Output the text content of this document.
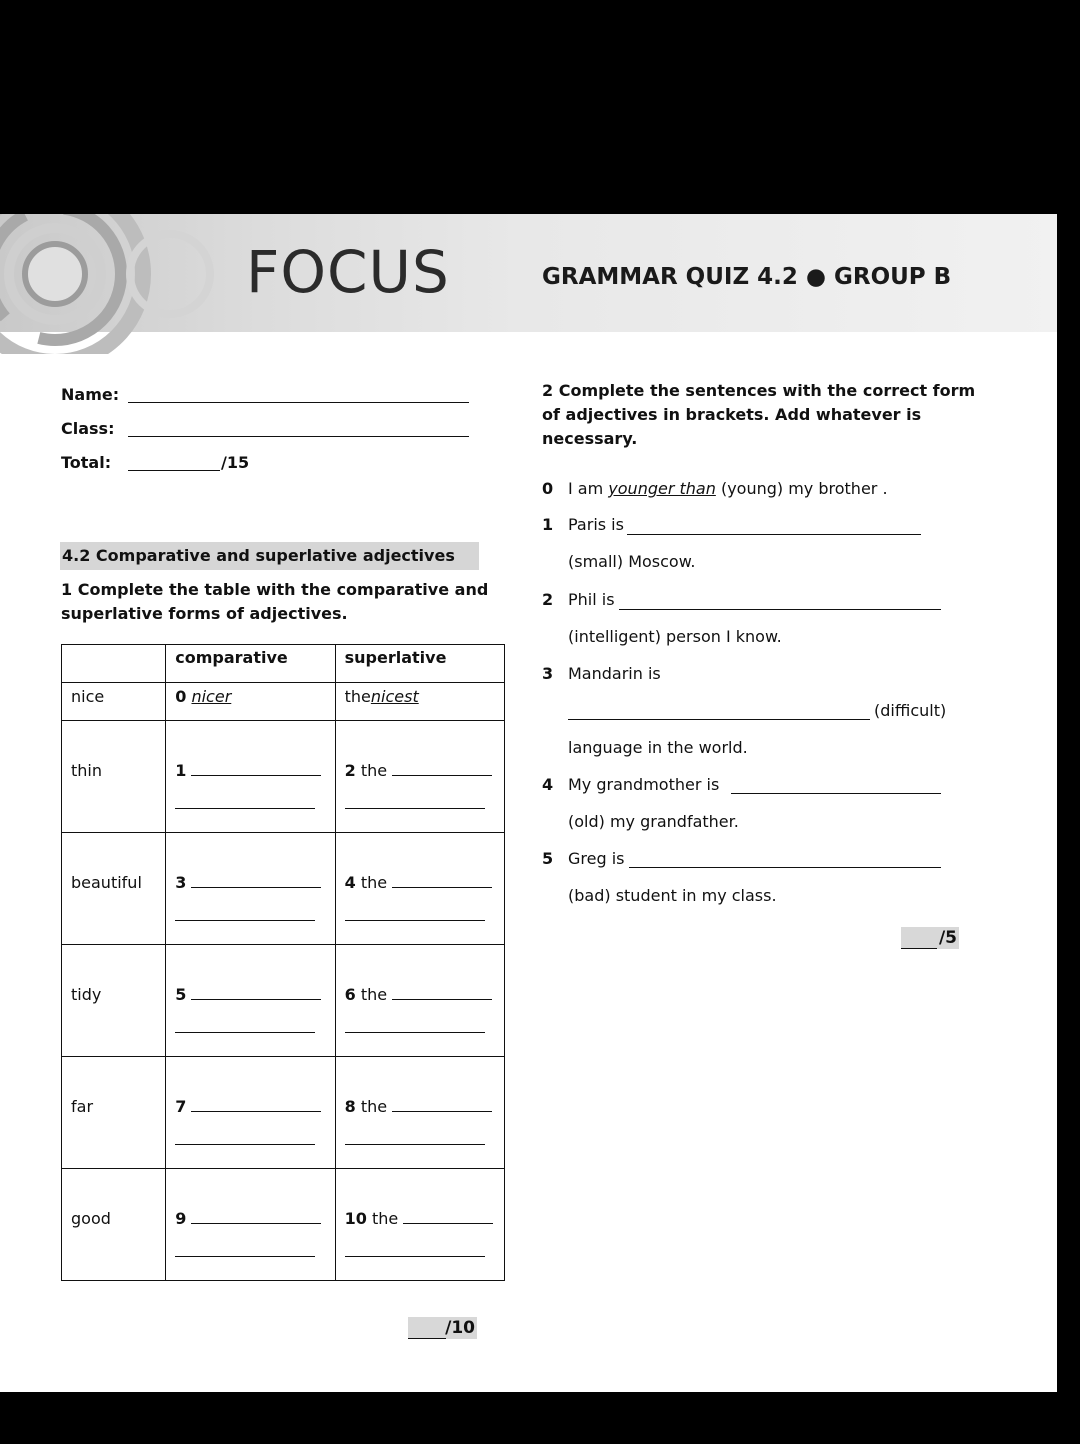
FOCUS	GRAMMAR QUIZ 4.2 ● GROUP B
Name:
Class:
Total:	/15
4.2 Comparative and superlative adjectives
1 Complete the table with the comparative and
superlative forms of adjectives.

	comparative	superlative

nice	0 nicer	thenicest

thin	1	2 the

beautiful	3	4 the

tidy	5	6 the

far	7	8 the

good	9	10 the
/10
2 Complete the sentences with the correct form
of adjectives in brackets. Add whatever is
necessary.
0 I am younger than (young) my brother .
1 Paris is
(small) Moscow.
2 Phil is
(intelligent) person I know.
3 Mandarin is
(difficult)
language in the world.
4 My grandmother is
(old) my grandfather.
5 Greg is
(bad) student in my class.
/5
